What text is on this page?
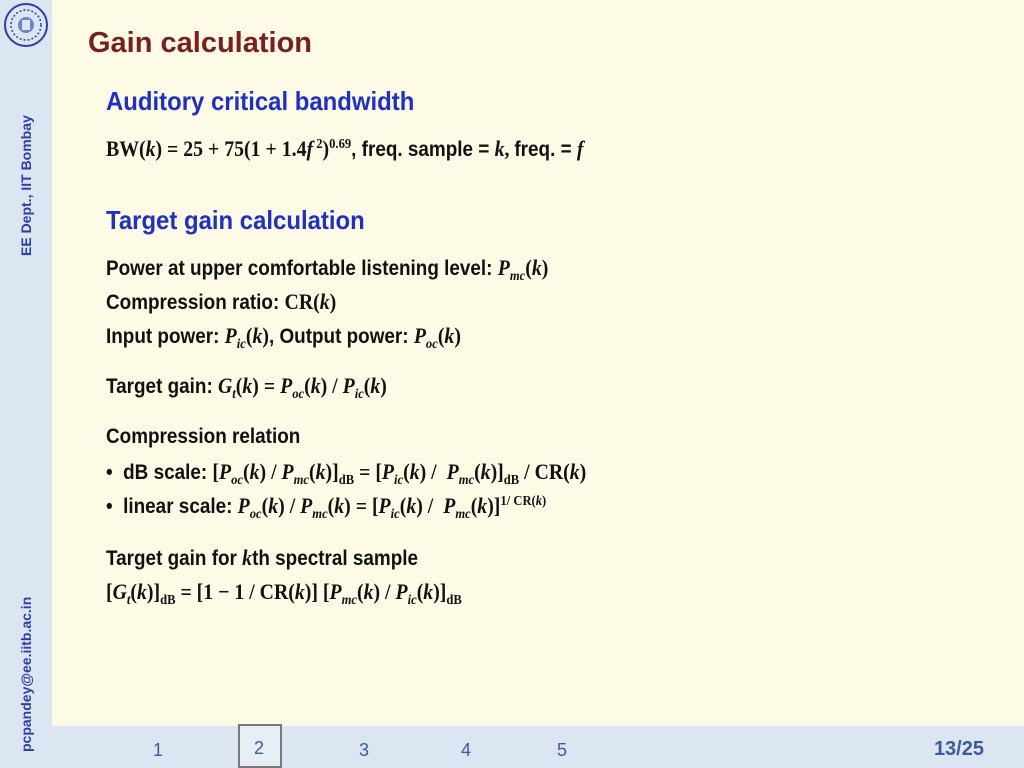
EE Dept., IIT Bombay
pcpandey@ee.iitb.ac.in
Gain calculation
Auditory critical bandwidth
BW(k) = 25 + 75(1 + 1.4f $^2$)$^{0.69}$, freq. sample = k, freq. = f
Target gain calculation
Power at upper comfortable listening level: $P_{mc}(k)$
Compression ratio: CR(k)
Input power: $P_{ic}(k)$, Output power: $P_{oc}(k)$
Target gain: $G_t(k) = P_{oc}(k) / P_{ic}(k)$
Compression relation
•  dB scale: $[P_{oc}(k) / P_{mc}(k)]_{dB} = [P_{ic}(k) / P_{mc}(k)]_{dB} / CR(k)$
•  linear scale: $P_{oc}(k) / P_{mc}(k) = [P_{ic}(k) / P_{mc}(k)]^{1/ CR(k)}$
Target gain for kth spectral sample
$[G_t(k)]_{dB} = [1 - 1 / CR(k)]$ $[P_{mc}(k) / P_{ic}(k)]_{dB}$
1	3	4	5	13/25
2
